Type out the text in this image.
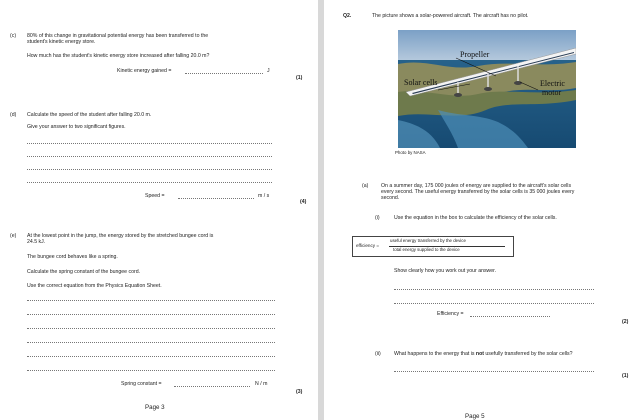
(c) 80% of this change in gravitational potential energy has been transferred to the
student's kinetic energy store.
How much has the student's kinetic energy store increased after falling 20.0 m?
Kinetic energy gained =	J
(1)
(d) Calculate the speed of the student after falling 20.0 m.
Give your answer to two significant figures.
Speed =	m / s
(4)
(e) At the lowest point in the jump, the energy stored by the stretched bungee cord is
24.5 kJ.
The bungee cord behaves like a spring.
Calculate the spring constant of the bungee cord.
Use the correct equation from the Physics Equation Sheet.
Spring constant =	N / m
(3)
Page 3
Q2.	The picture shows a solar-powered aircraft. The aircraft has no pilot.
Propeller
Solar cells	Electric
motor
Photo by NASA
(a) On a summer day, 175 000 joules of energy are supplied to the aircraft's solar cells
every second. The useful energy transferred by the solar cells is 35 000 joules every
second.
(i)	Use the equation in the box to calculate the efficiency of the solar cells.
efficiency =
useful energy transferred by the device
total energy supplied to the device
Show clearly how you work out your answer.
Efficiency =
(2)
(ii)	What happens to the energy that is not usefully transferred by the solar cells?
(1)
Page 5
